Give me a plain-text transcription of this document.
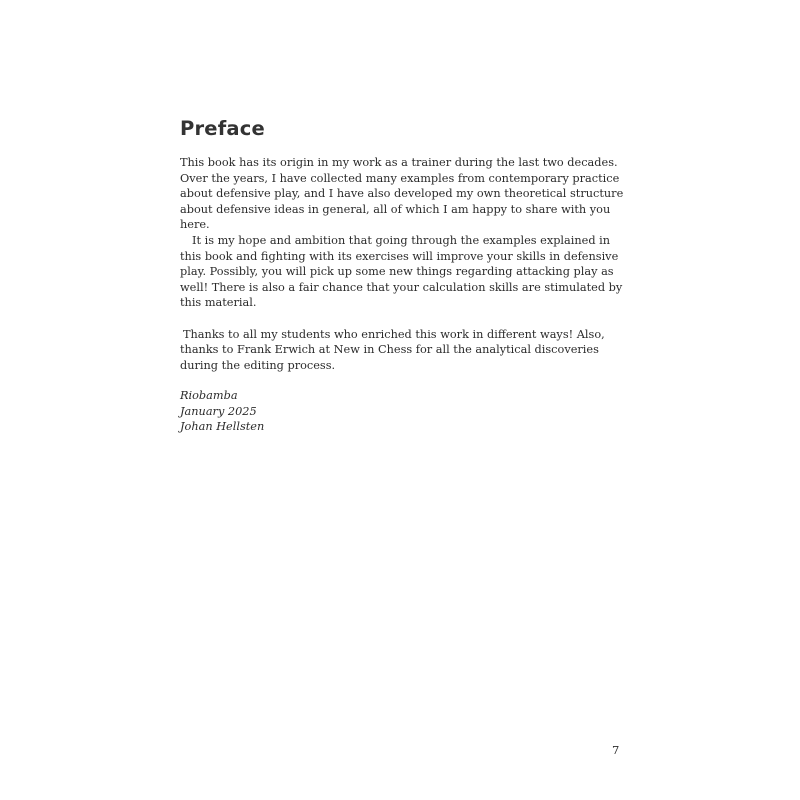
Preface
This book has its origin in my work as a trainer during the last two decades.
Over the years, I have collected many examples from contemporary practice
about defensive play, and I have also developed my own theoretical structure
about defensive ideas in general, all of which I am happy to share with you
here.
It is my hope and ambition that going through the examples explained in
this book and fighting with its exercises will improve your skills in defensive
play. Possibly, you will pick up some new things regarding attacking play as
well! There is also a fair chance that your calculation skills are stimulated by
this material.
Thanks to all my students who enriched this work in different ways! Also,
thanks to Frank Erwich at New in Chess for all the analytical discoveries
during the editing process.
Riobamba
January 2025
Johan Hellsten
7
